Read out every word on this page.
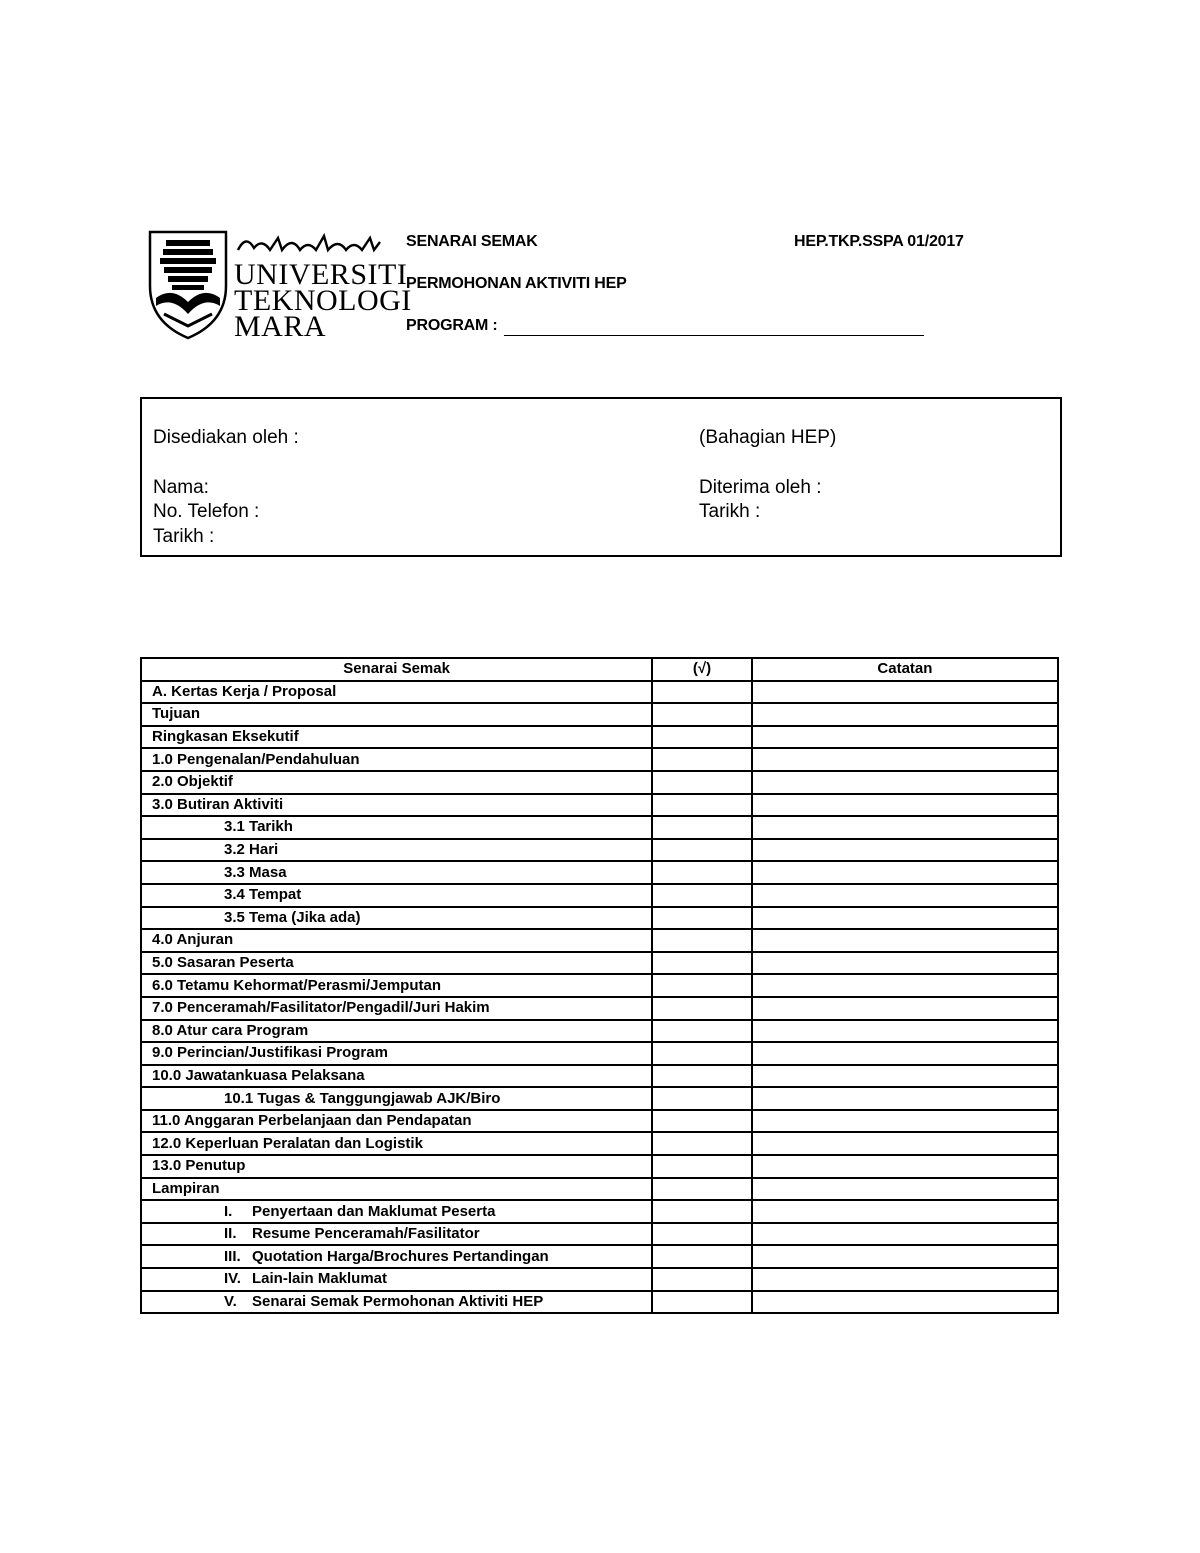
UNIVERSITI
TEKNOLOGI
MARA
SENARAI SEMAK
PERMOHONAN AKTIVITI HEP
PROGRAM :
HEP.TKP.SSPA 01/2017
Disediakan oleh :
Nama:
No. Telefon :
Tarikh :
(Bahagian HEP)
Diterima oleh :
Tarikh :
Senarai Semak	(√)	Catatan
A. Kertas Kerja / Proposal		
Tujuan		
Ringkasan Eksekutif		
1.0 Pengenalan/Pendahuluan		
2.0 Objektif		
3.0 Butiran Aktiviti		
3.1 Tarikh		
3.2 Hari		
3.3 Masa		
3.4 Tempat		
3.5 Tema (Jika ada)		
4.0 Anjuran		
5.0 Sasaran Peserta		
6.0 Tetamu Kehormat/Perasmi/Jemputan		
7.0 Penceramah/Fasilitator/Pengadil/Juri Hakim		
8.0 Atur cara Program		
9.0 Perincian/Justifikasi Program		
10.0 Jawatankuasa Pelaksana		
10.1 Tugas & Tanggungjawab AJK/Biro		
11.0 Anggaran Perbelanjaan dan Pendapatan		
12.0 Keperluan Peralatan dan Logistik		
13.0 Penutup		
Lampiran		
I. Penyertaan dan Maklumat Peserta		
II. Resume Penceramah/Fasilitator		
III. Quotation Harga/Brochures Pertandingan		
IV. Lain-lain Maklumat		
V. Senarai Semak Permohonan Aktiviti HEP		
